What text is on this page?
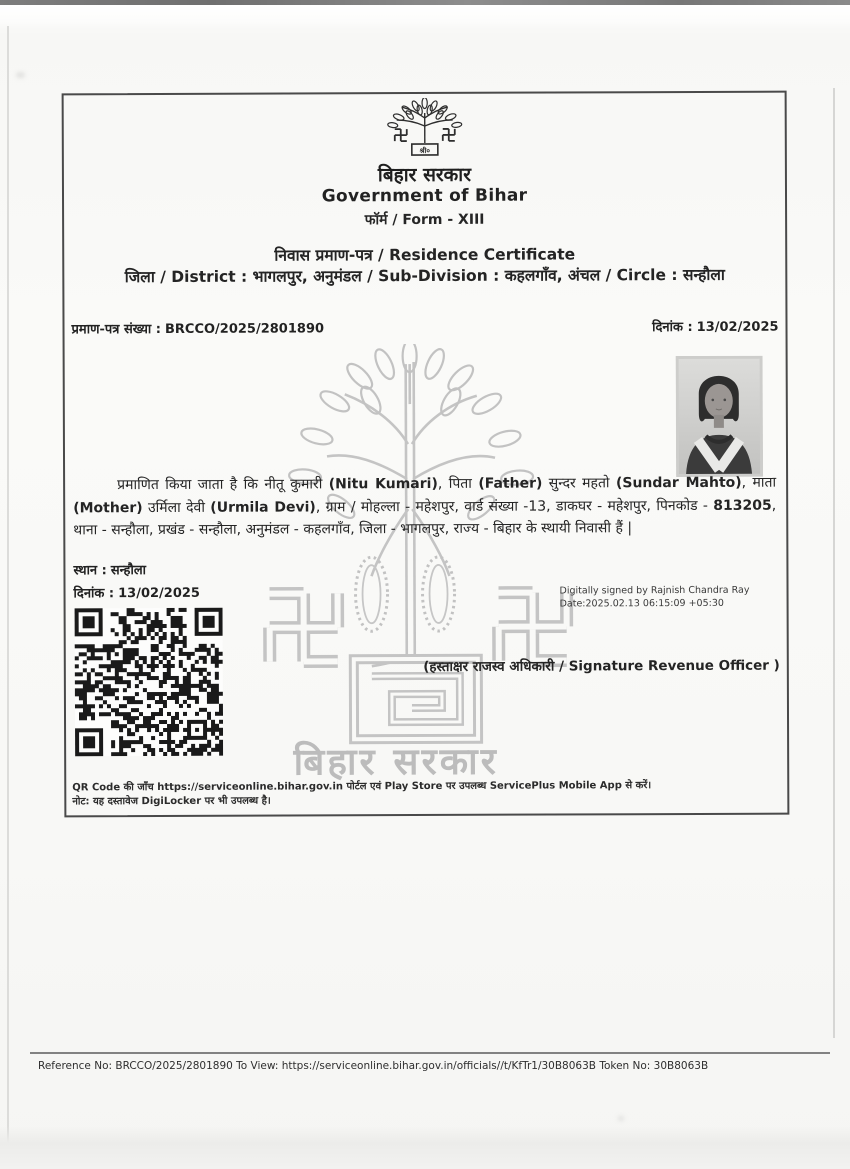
बिहार सरकार
श्री०
बिहार सरकार
Government of Bihar
फॉर्म / Form - XIII
निवास प्रमाण-पत्र / Residence Certificate
जिला / District : भागलपुर, अनुमंडल / Sub-Division : कहलगाँव, अंचल / Circle : सन्हौला
प्रमाण-पत्र संख्या : BRCCO/2025/2801890	दिनांक : 13/02/2025
प्रमाणित किया जाता है कि नीतू कुमारी (Nitu Kumari), पिता (Father) सुन्दर महतो (Sundar Mahto), माता (Mother) उर्मिला देवी (Urmila Devi), ग्राम / मोहल्ला - महेशपुर, वार्ड संख्या -13, डाकघर - महेशपुर, पिनकोड - 813205, थाना - सन्हौला, प्रखंड - सन्हौला, अनुमंडल - कहलगाँव, जिला - भागलपुर, राज्य - बिहार के स्थायी निवासी हैं |
स्थान : सन्हौला
दिनांक : 13/02/2025	Digitally signed by Rajnish Chandra Ray
Date:2025.02.13 06:15:09 +05:30
(हस्ताक्षर राजस्व अधिकारी / Signature Revenue Officer )
QR Code की जाँच https://serviceonline.bihar.gov.in पोर्टल एवं Play Store पर उपलब्ध ServicePlus Mobile App से करें।
नोट: यह दस्तावेज DigiLocker पर भी उपलब्ध है।
Reference No: BRCCO/2025/2801890 To View: https://serviceonline.bihar.gov.in/officials//t/KfTr1/30B8063B Token No: 30B8063B
